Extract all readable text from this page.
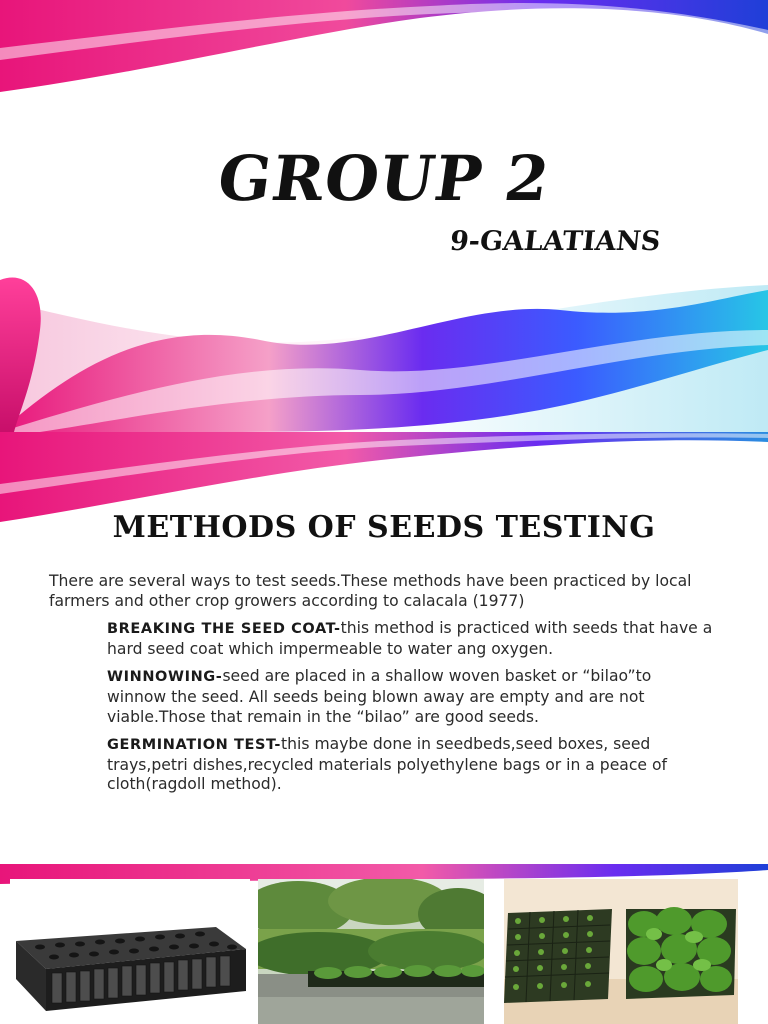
GROUP 2
9-GALATIANS
METHODS OF SEEDS TESTING

There are several ways to test seeds.These methods have been practiced by local farmers and other crop growers according to calacala (1977)

BREAKING THE SEED COAT-this method is practiced with seeds that have a hard seed coat which impermeable to water ang oxygen.

WINNOWING-seed are placed in a shallow woven basket or “bilao”to winnow the seed. All seeds being blown away are empty and are not viable.Those that remain in the “bilao” are good seeds.

GERMINATION TEST-this maybe done in seedbeds,seed boxes, seed trays,petri dishes,recycled materials polyethylene bags or in a peace of cloth(ragdoll method).
